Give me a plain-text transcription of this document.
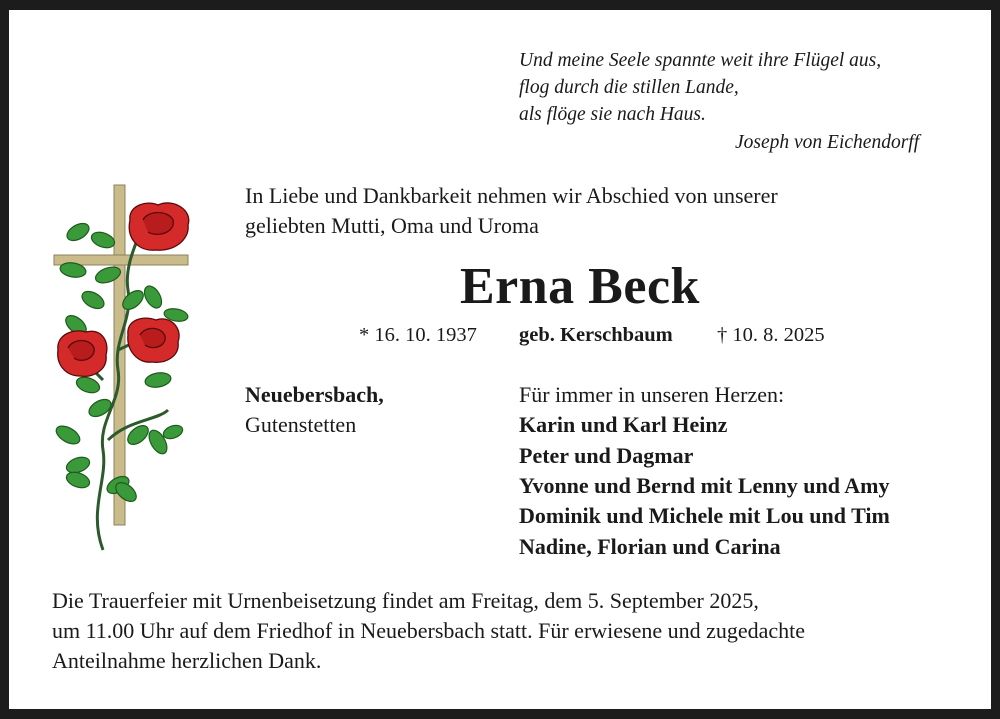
Und meine Seele spannte weit ihre Flügel aus,
flog durch die stillen Lande,
als flöge sie nach Haus.
Joseph von Eichendorff
In Liebe und Dankbarkeit nehmen wir Abschied von unserer
geliebten Mutti, Oma und Uroma
Erna Beck
* 16. 10. 1937 geb. Kerschbaum † 10. 8. 2025
Neuebersbach,
Gutenstetten
Für immer in unseren Herzen:
Karin und Karl Heinz
Peter und Dagmar
Yvonne und Bernd mit Lenny und Amy
Dominik und Michele mit Lou und Tim
Nadine, Florian und Carina
Die Trauerfeier mit Urnenbeisetzung findet am Freitag, dem 5. September 2025,
um 11.00 Uhr auf dem Friedhof in Neuebersbach statt. Für erwiesene und zugedachte
Anteilnahme herzlichen Dank.
